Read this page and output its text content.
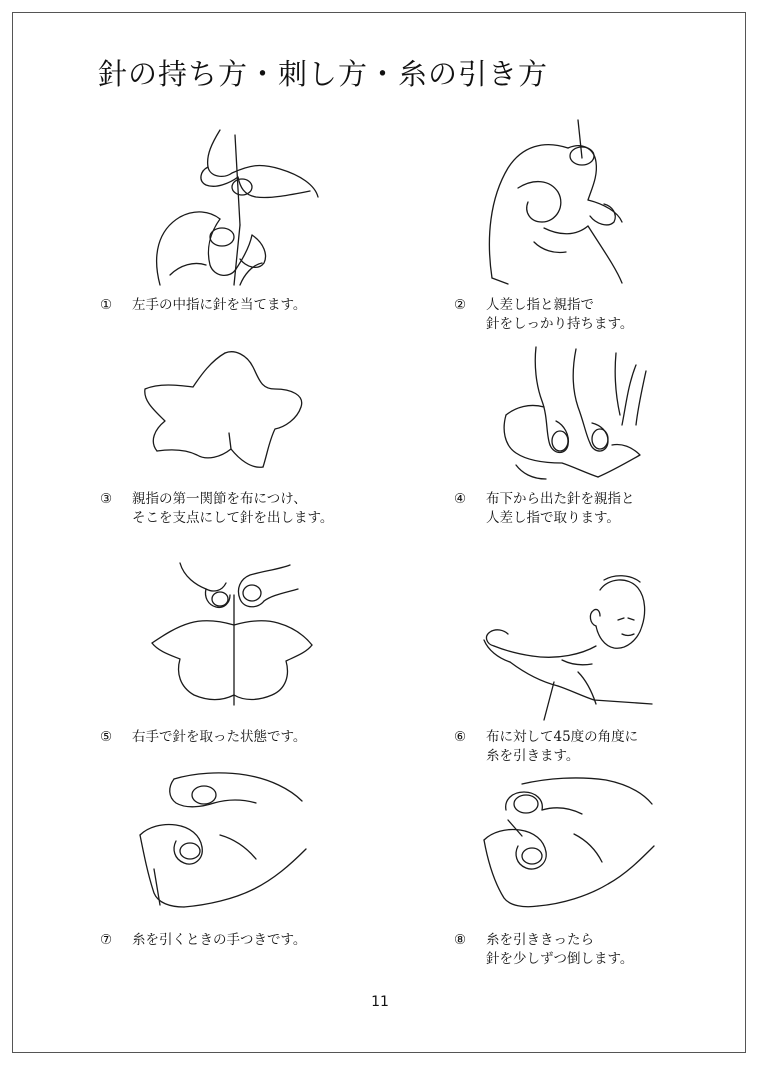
針の持ち方・刺し方・糸の引き方
① 左手の中指に針を当てます。	② 人差し指と親指で
針をしっかり持ちます。
③ 親指の第一関節を布につけ、
そこを支点にして針を出します。
④ 布下から出た針を親指と
人差し指で取ります。
⑤ 右手で針を取った状態です。	⑥ 布に対して45度の角度に
糸を引きます。
⑦ 糸を引くときの手つきです。	⑧ 糸を引ききったら
針を少しずつ倒します。
11
